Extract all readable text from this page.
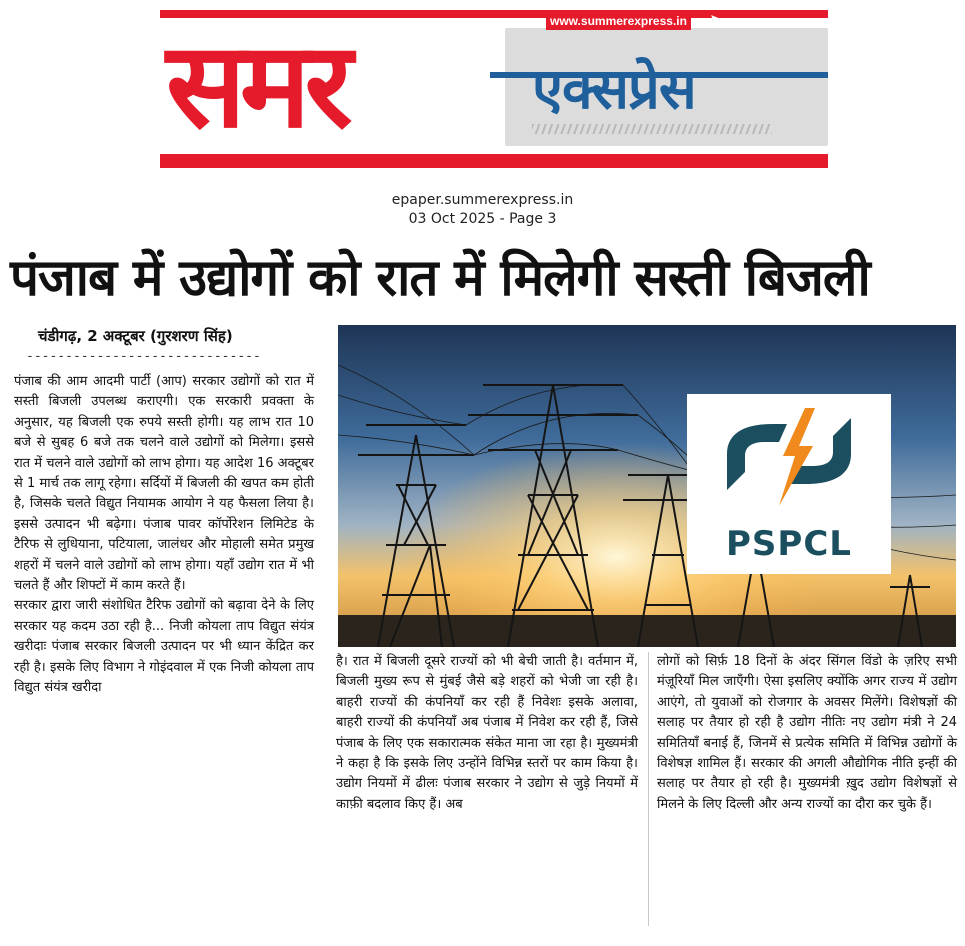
समर	एक्सप्रेस
www.summerexpress.in
epaper.summerexpress.in
03 Oct 2025 - Page 3
पंजाब में उद्योगों को रात में मिलेगी सस्ती बिजली
चंडीगढ़, 2 अक्टूबर (गुरशरण सिंह)
------------------------------

पंजाब की आम आदमी पार्टी (आप) सरकार उद्योगों को रात में सस्ती बिजली उपलब्ध कराएगी। एक सरकारी प्रवक्ता के अनुसार, यह बिजली एक रुपये सस्ती होगी। यह लाभ रात 10 बजे से सुबह 6 बजे तक चलने वाले उद्योगों को मिलेगा। इससे रात में चलने वाले उद्योगों को लाभ होगा। यह आदेश 16 अक्टूबर से 1 मार्च तक लागू रहेगा। सर्दियों में बिजली की खपत कम होती है, जिसके चलते विद्युत नियामक आयोग ने यह फैसला लिया है। इससे उत्पादन भी बढ़ेगा। पंजाब पावर कॉर्पोरेशन लिमिटेड के टैरिफ से लुधियाना, पटियाला, जालंधर और मोहाली समेत प्रमुख शहरों में चलने वाले उद्योगों को लाभ होगा। यहाँ उद्योग रात में भी चलते हैं और शिफ्टों में काम करते हैं।

सरकार द्वारा जारी संशोधित टैरिफ उद्योगों को बढ़ावा देने के लिए सरकार यह कदम उठा रही है... निजी कोयला ताप विद्युत संयंत्र खरीदाः पंजाब सरकार बिजली उत्पादन पर भी ध्यान केंद्रित कर रही है। इसके लिए विभाग ने गोइंदवाल में एक निजी कोयला ताप विद्युत संयंत्र खरीदा

PSPCL

है। रात में बिजली दूसरे राज्यों को भी बेची जाती है। वर्तमान में, बिजली मुख्य रूप से मुंबई जैसे बड़े शहरों को भेजी जा रही है। बाहरी राज्यों की कंपनियाँ कर रही हैं निवेशः इसके अलावा, बाहरी राज्यों की कंपनियाँ अब पंजाब में निवेश कर रही हैं, जिसे पंजाब के लिए एक सकारात्मक संकेत माना जा रहा है। मुख्यमंत्री ने कहा है कि इसके लिए उन्होंने विभिन्न स्तरों पर काम किया है। उद्योग नियमों में ढीलः पंजाब सरकार ने उद्योग से जुड़े नियमों में काफ़ी बदलाव किए हैं। अब

लोगों को सिर्फ़ 18 दिनों के अंदर सिंगल विंडो के ज़रिए सभी मंज़ूरियाँ मिल जाएँगी। ऐसा इसलिए क्योंकि अगर राज्य में उद्योग आएंगे, तो युवाओं को रोजगार के अवसर मिलेंगे। विशेषज्ञों की सलाह पर तैयार हो रही है उद्योग नीतिः नए उद्योग मंत्री ने 24 समितियाँ बनाई हैं, जिनमें से प्रत्येक समिति में विभिन्न उद्योगों के विशेषज्ञ शामिल हैं। सरकार की अगली औद्योगिक नीति इन्हीं की सलाह पर तैयार हो रही है। मुख्यमंत्री ख़ुद उद्योग विशेषज्ञों से मिलने के लिए दिल्ली और अन्य राज्यों का दौरा कर चुके हैं।
